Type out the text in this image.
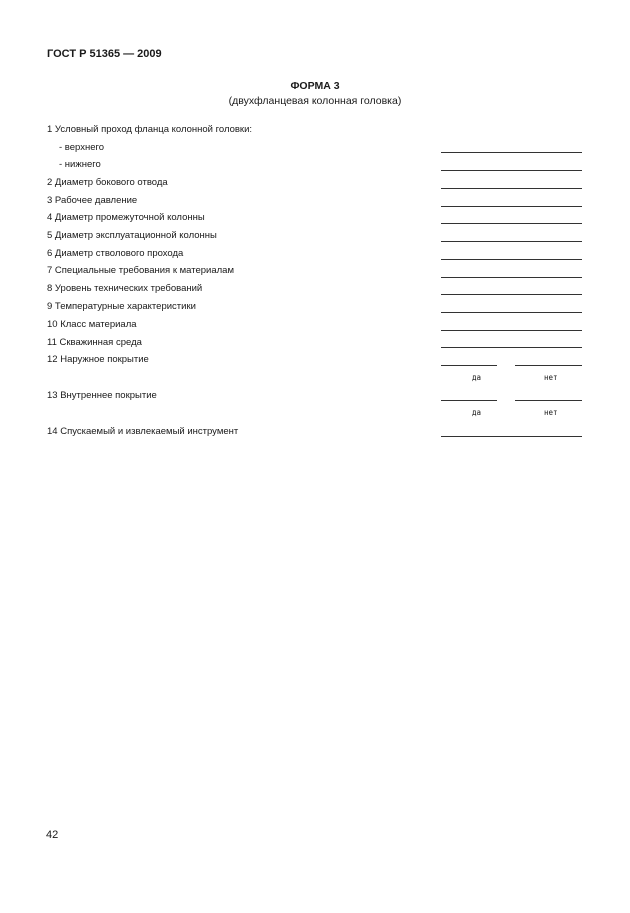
ГОСТ Р 51365 — 2009
ФОРМА 3
(двухфланцевая колонная головка)
1 Условный проход фланца колонной головки:
- верхнего
- нижнего
2 Диаметр бокового отвода
3 Рабочее давление
4 Диаметр промежуточной колонны
5 Диаметр эксплуатационной колонны
6 Диаметр стволового прохода
7 Специальные требования к материалам
8 Уровень технических требований
9 Температурные характеристики
10 Класс материала
11 Скважинная среда
12 Наружное покрытие
да	нет
13 Внутреннее покрытие
да	нет
14 Спускаемый и извлекаемый инструмент
42
